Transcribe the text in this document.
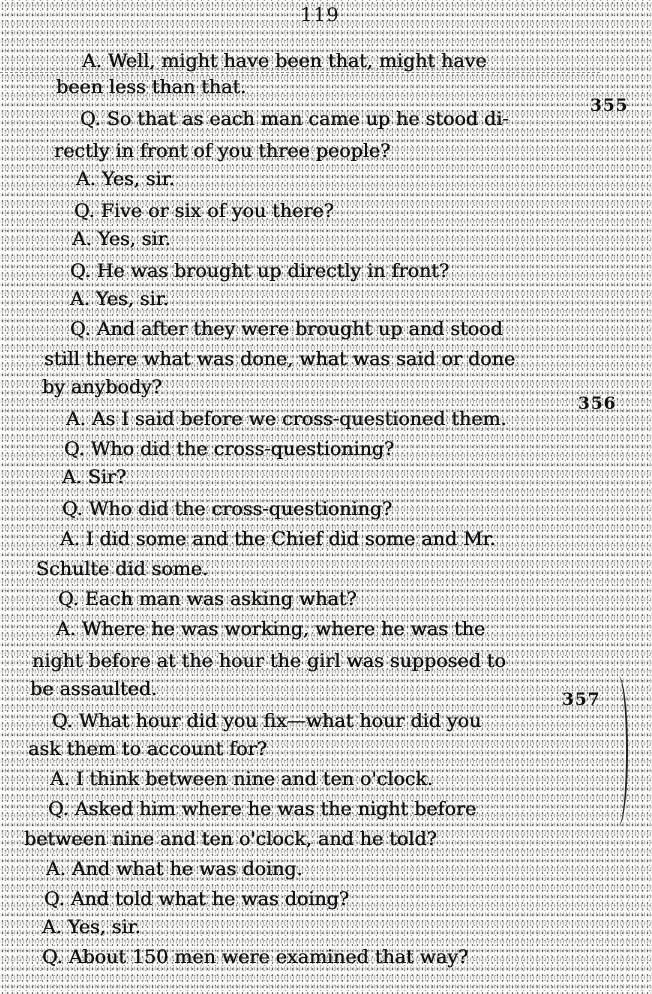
119
355
356
357
A. Well, might have been that, might have
been less than that.
Q. So that as each man came up he stood di-
rectly in front of you three people?
A. Yes, sir.
Q. Five or six of you there?
A. Yes, sir.
Q. He was brought up directly in front?
A. Yes, sir.
Q. And after they were brought up and stood
still there what was done, what was said or done
by anybody?
A. As I said before we cross-questioned them.
Q. Who did the cross-questioning?
A. Sir?
Q. Who did the cross-questioning?
A. I did some and the Chief did some and Mr.
Schulte did some.
Q. Each man was asking what?
A. Where he was working, where he was the
night before at the hour the girl was supposed to
be assaulted.
Q. What hour did you fix—what hour did you
ask them to account for?
A. I think between nine and ten o'clock.
Q. Asked him where he was the night before
between nine and ten o'clock, and he told?
A. And what he was doing.
Q. And told what he was doing?
A. Yes, sir.
Q. About 150 men were examined that way?
